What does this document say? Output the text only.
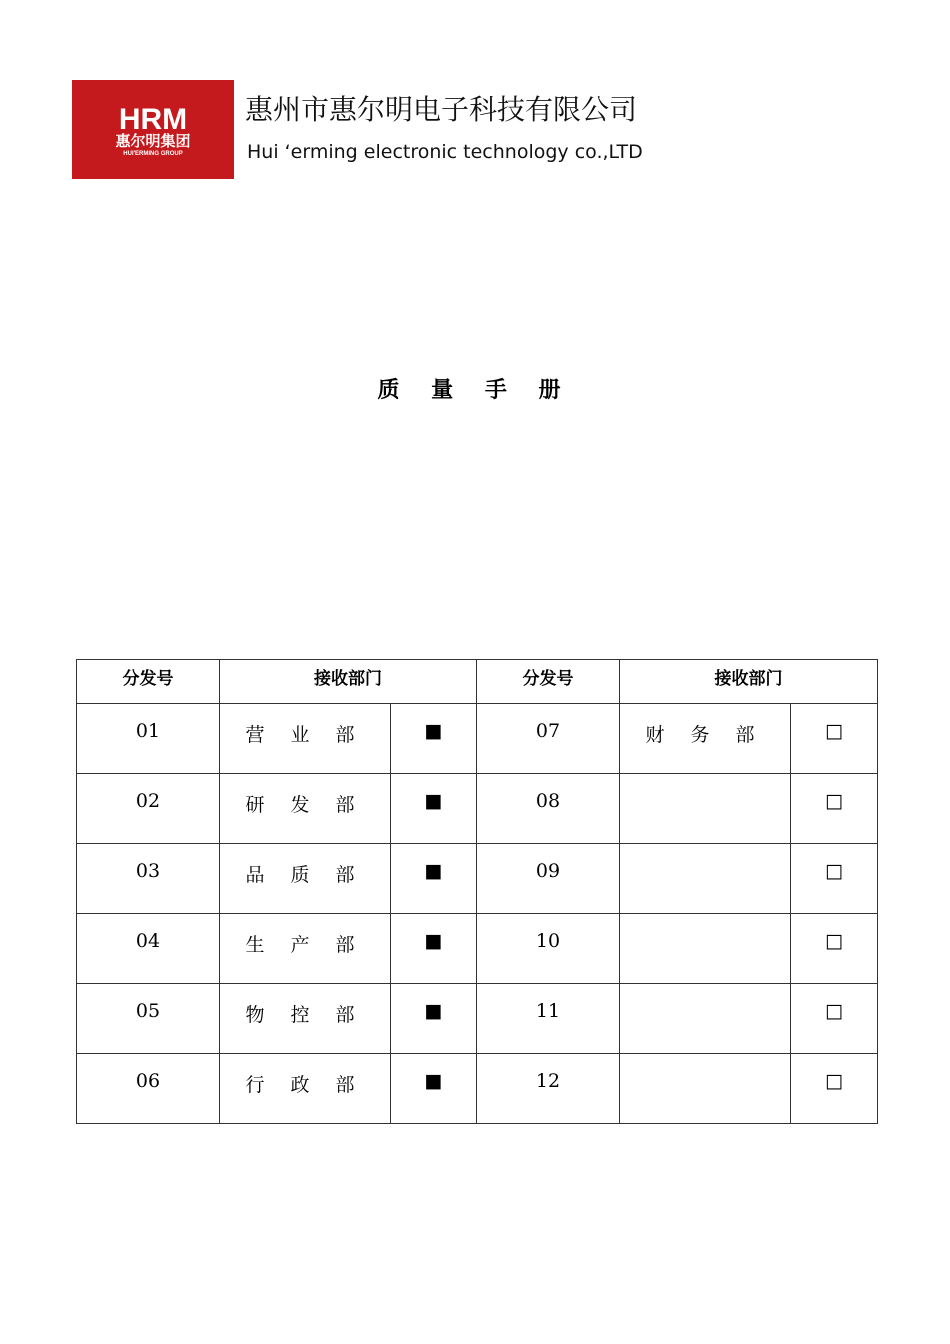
HRM
惠尔明集团
HUI'ERMING GROUP
惠州市惠尔明电子科技有限公司
Hui ‘erming electronic technology co.,LTD
质 量 手 册
分发号	接收部门		分发号	接收部门	
01	营 业 部	■	07	财 务 部	□
02	研 发 部	■	08		□
03	品 质 部	■	09		□
04	生 产 部	■	10		□
05	物 控 部	■	11		□
06	行 政 部	■	12		□
